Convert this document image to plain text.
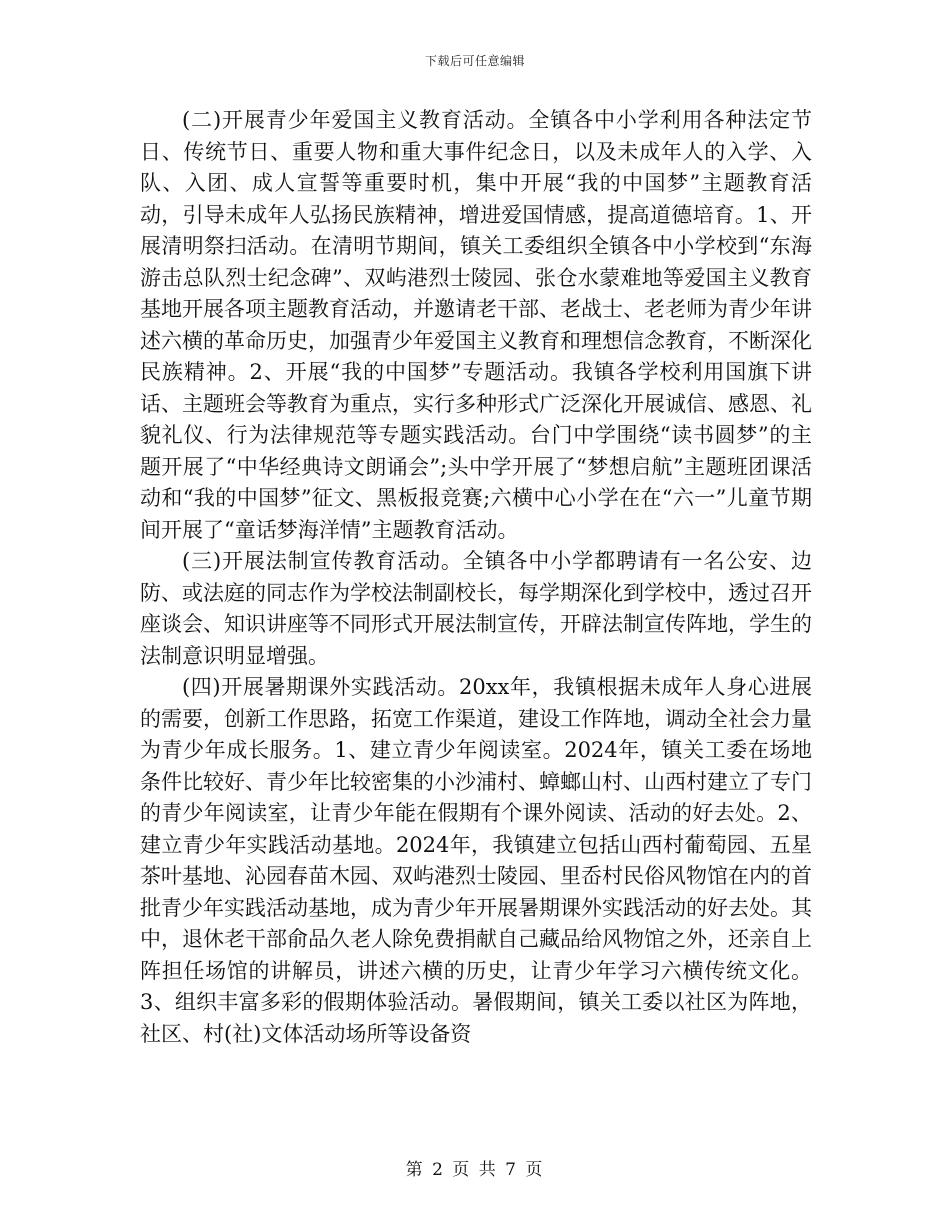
下载后可任意编辑

(二)开展青少年爱国主义教育活动。全镇各中小学利用各种法定节日、传统节日、重要人物和重大事件纪念日，以及未成年人的入学、入队、入团、成人宣誓等重要时机，集中开展“我的中国梦”主题教育活动，引导未成年人弘扬民族精神，增进爱国情感，提高道德培育。1、开展清明祭扫活动。在清明节期间，镇关工委组织全镇各中小学校到“东海游击总队烈士纪念碑”、双屿港烈士陵园、张仓水蒙难地等爱国主义教育基地开展各项主题教育活动，并邀请老干部、老战士、老老师为青少年讲述六横的革命历史，加强青少年爱国主义教育和理想信念教育，不断深化民族精神。2、开展“我的中国梦”专题活动。我镇各学校利用国旗下讲话、主题班会等教育为重点，实行多种形式广泛深化开展诚信、感恩、礼貌礼仪、行为法律规范等专题实践活动。台门中学围绕“读书圆梦”的主题开展了“中华经典诗文朗诵会”;头中学开展了“梦想启航”主题班团课活动和“我的中国梦”征文、黑板报竞赛;六横中心小学在在“六一”儿童节期间开展了“童话梦海洋情”主题教育活动。

(三)开展法制宣传教育活动。全镇各中小学都聘请有一名公安、边防、或法庭的同志作为学校法制副校长，每学期深化到学校中，透过召开座谈会、知识讲座等不同形式开展法制宣传，开辟法制宣传阵地，学生的法制意识明显增强。

(四)开展暑期课外实践活动。20xx年，我镇根据未成年人身心进展的需要，创新工作思路，拓宽工作渠道，建设工作阵地，调动全社会力量为青少年成长服务。1、建立青少年阅读室。2024年，镇关工委在场地条件比较好、青少年比较密集的小沙浦村、蟑螂山村、山西村建立了专门的青少年阅读室，让青少年能在假期有个课外阅读、活动的好去处。2、建立青少年实践活动基地。2024年，我镇建立包括山西村葡萄园、五星茶叶基地、沁园春苗木园、双屿港烈士陵园、里岙村民俗风物馆在内的首批青少年实践活动基地，成为青少年开展暑期课外实践活动的好去处。其中，退休老干部俞品久老人除免费捐献自己藏品给风物馆之外，还亲自上阵担任场馆的讲解员，讲述六横的历史，让青少年学习六横传统文化。3、组织丰富多彩的假期体验活动。暑假期间，镇关工委以社区为阵地，社区、村(社)文体活动场所等设备资

第 2 页 共 7 页
